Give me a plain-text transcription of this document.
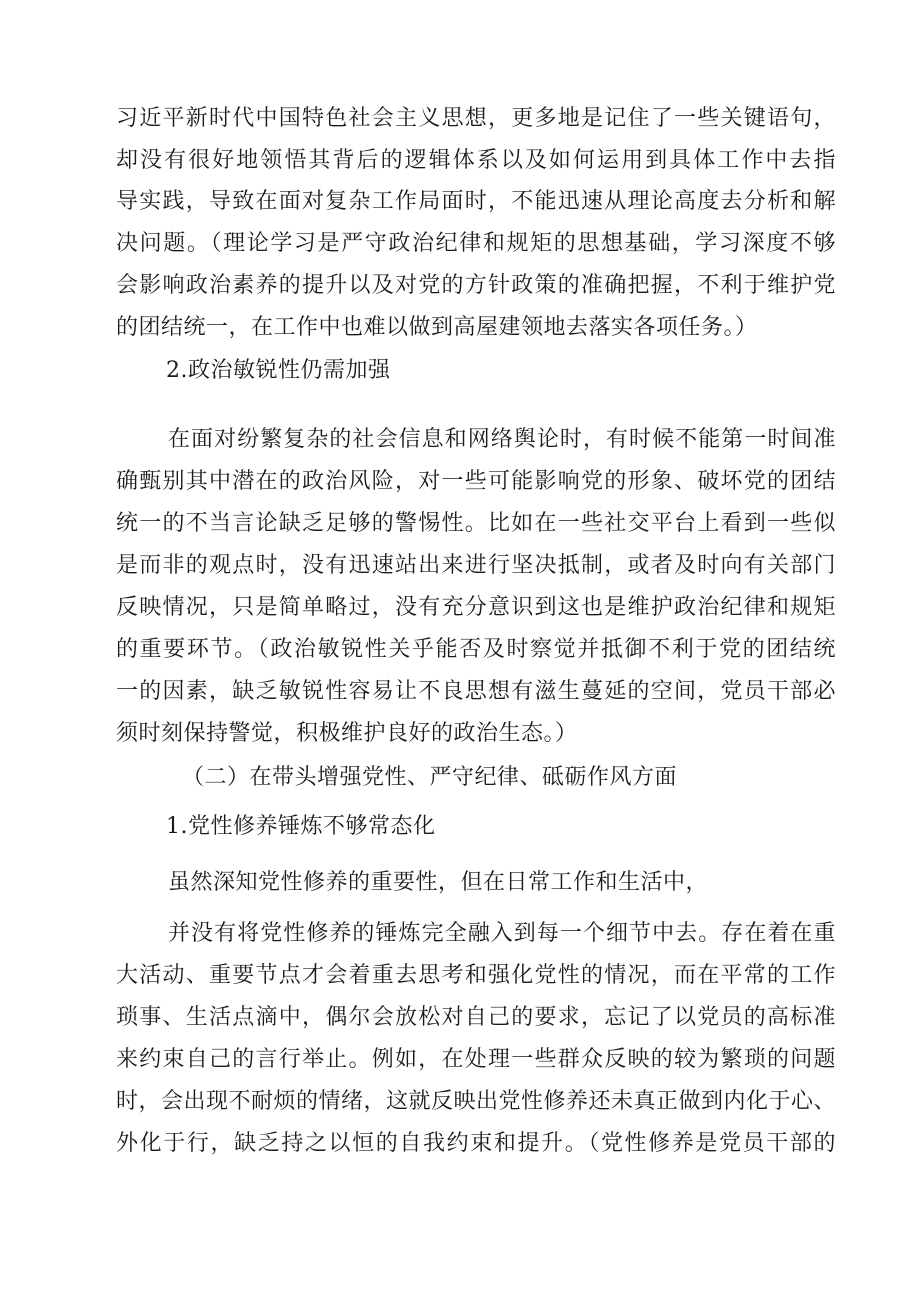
习近平新时代中国特色社会主义思想，更多地是记住了一些关键语句，
却没有很好地领悟其背后的逻辑体系以及如何运用到具体工作中去指
导实践，导致在面对复杂工作局面时，不能迅速从理论高度去分析和解
决问题。（理论学习是严守政治纪律和规矩的思想基础，学习深度不够
会影响政治素养的提升以及对党的方针政策的准确把握，不利于维护党
的团结统一，在工作中也难以做到高屋建领地去落实各项任务。）
2.政治敏锐性仍需加强
在面对纷繁复杂的社会信息和网络舆论时，有时候不能第一时间准
确甄别其中潜在的政治风险，对一些可能影响党的形象、破坏党的团结
统一的不当言论缺乏足够的警惕性。比如在一些社交平台上看到一些似
是而非的观点时，没有迅速站出来进行坚决抵制，或者及时向有关部门
反映情况，只是简单略过，没有充分意识到这也是维护政治纪律和规矩
的重要环节。（政治敏锐性关乎能否及时察觉并抵御不利于党的团结统
一的因素，缺乏敏锐性容易让不良思想有滋生蔓延的空间，党员干部必
须时刻保持警觉，积极维护良好的政治生态。）
（二）在带头增强党性、严守纪律、砥砺作风方面
1.党性修养锤炼不够常态化
虽然深知党性修养的重要性，但在日常工作和生活中，
并没有将党性修养的锤炼完全融入到每一个细节中去。存在着在重
大活动、重要节点才会着重去思考和强化党性的情况，而在平常的工作
琐事、生活点滴中，偶尔会放松对自己的要求，忘记了以党员的高标准
来约束自己的言行举止。例如，在处理一些群众反映的较为繁琐的问题
时，会出现不耐烦的情绪，这就反映出党性修养还未真正做到内化于心、
外化于行，缺乏持之以恒的自我约束和提升。（党性修养是党员干部的
